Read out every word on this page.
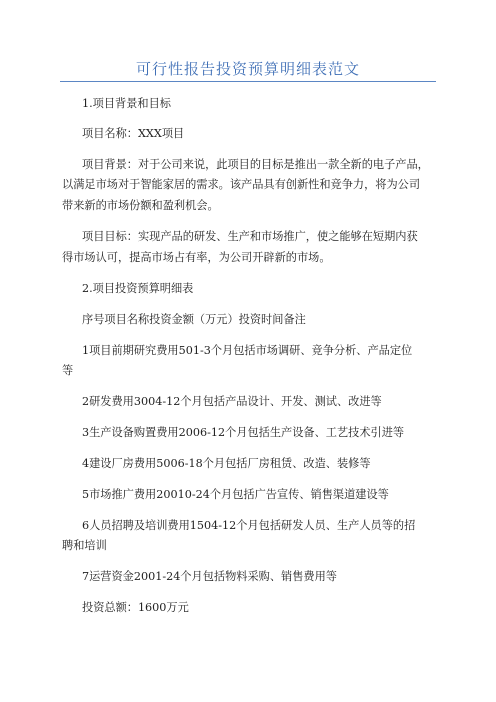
可行性报告投资预算明细表范文
1.项目背景和目标
项目名称：XXX项目
项目背景：对于公司来说，此项目的目标是推出一款全新的电子产品，
以满足市场对于智能家居的需求。该产品具有创新性和竞争力，将为公司
带来新的市场份额和盈利机会。
项目目标：实现产品的研发、生产和市场推广，使之能够在短期内获
得市场认可，提高市场占有率，为公司开辟新的市场。
2.项目投资预算明细表
序号项目名称投资金额（万元）投资时间备注
1项目前期研究费用501-3个月包括市场调研、竞争分析、产品定位
等
2研发费用3004-12个月包括产品设计、开发、测试、改进等
3生产设备购置费用2006-12个月包括生产设备、工艺技术引进等
4建设厂房费用5006-18个月包括厂房租赁、改造、装修等
5市场推广费用20010-24个月包括广告宣传、销售渠道建设等
6人员招聘及培训费用1504-12个月包括研发人员、生产人员等的招
聘和培训
7运营资金2001-24个月包括物料采购、销售费用等
投资总额：1600万元
